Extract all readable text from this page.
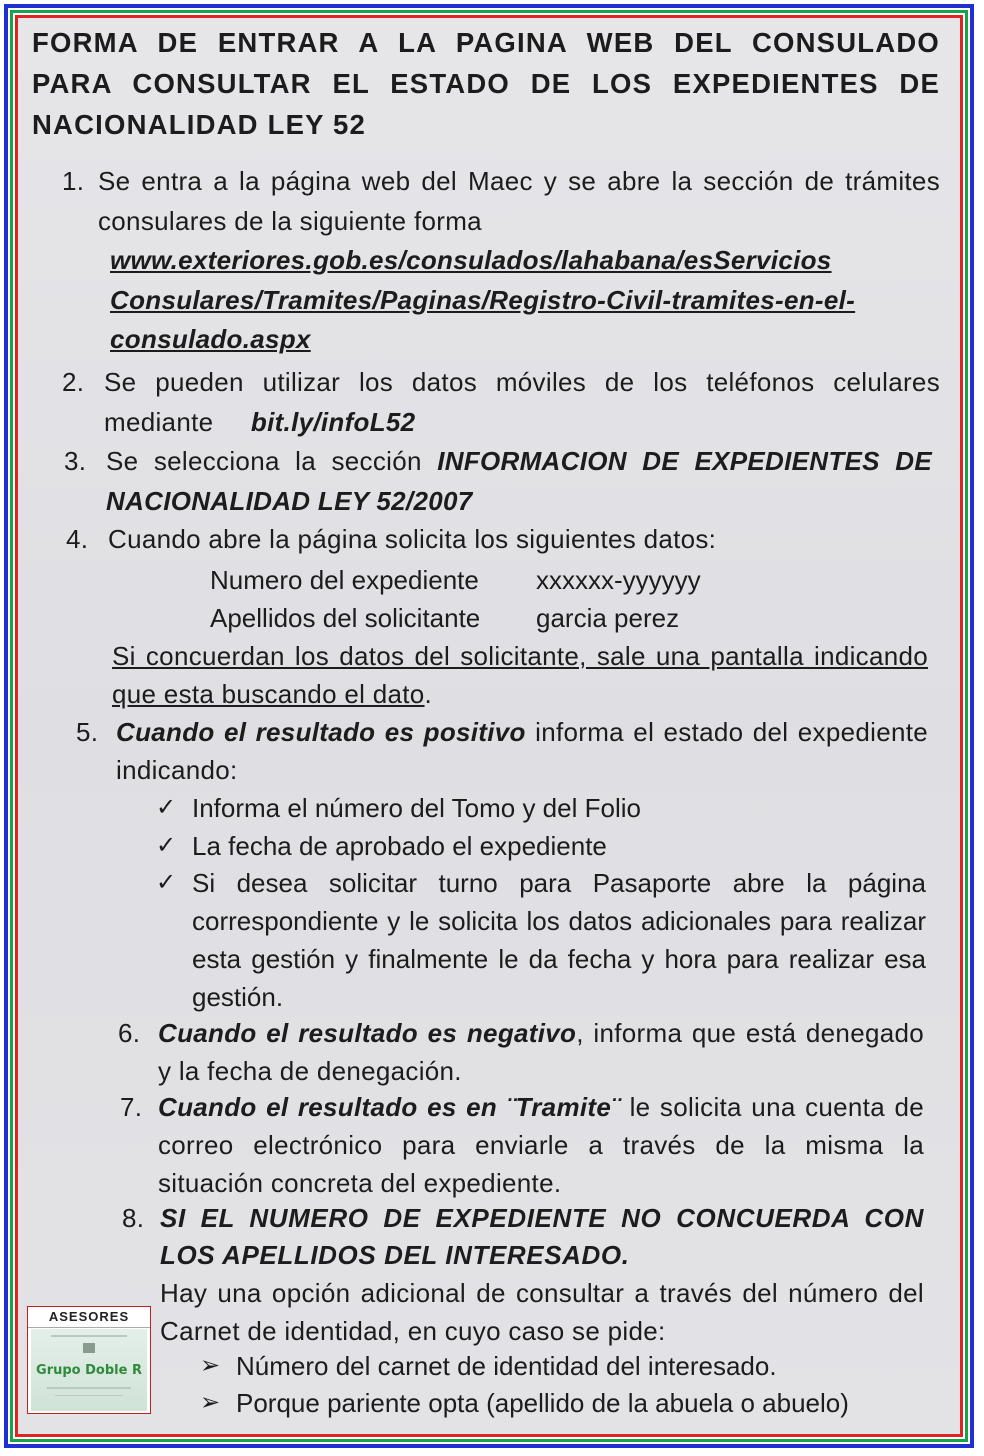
FORMA DE ENTRAR A LA PAGINA WEB DEL CONSULADO PARA CONSULTAR EL ESTADO DE LOS EXPEDIENTES DE NACIONALIDAD LEY 52

1. Se entra a la página web del Maec y se abre la sección de trámites consulares de la siguiente forma
www.exteriores.gob.es/consulados/lahabana/esServicios Consulares/Tramites/Paginas/Registro-Civil-tramites-en-el-consulado.aspx
2. Se pueden utilizar los datos móviles de los teléfonos celulares mediante bit.ly/infoL52
3. Se selecciona la sección INFORMACION DE EXPEDIENTES DE NACIONALIDAD LEY 52/2007
4. Cuando abre la página solicita los siguientes datos:
Numero del expediente xxxxxx-yyyyyy
Apellidos del solicitante garcia perez
Si concuerdan los datos del solicitante, sale una pantalla indicando que esta buscando el dato.
5. Cuando el resultado es positivo informa el estado del expediente indicando:
✓ Informa el número del Tomo y del Folio
✓ La fecha de aprobado el expediente
✓ Si desea solicitar turno para Pasaporte abre la página correspondiente y le solicita los datos adicionales para realizar esta gestión y finalmente le da fecha y hora para realizar esa gestión.
6. Cuando el resultado es negativo, informa que está denegado y la fecha de denegación.
7. Cuando el resultado es en ¨Tramite¨ le solicita una cuenta de correo electrónico para enviarle a través de la misma la situación concreta del expediente.
8. SI EL NUMERO DE EXPEDIENTE NO CONCUERDA CON LOS APELLIDOS DEL INTERESADO.
Hay una opción adicional de consultar a través del número del Carnet de identidad, en cuyo caso se pide:
➢ Número del carnet de identidad del interesado.
➢ Porque pariente opta (apellido de la abuela o abuelo)
ASESORES
Grupo Doble R
